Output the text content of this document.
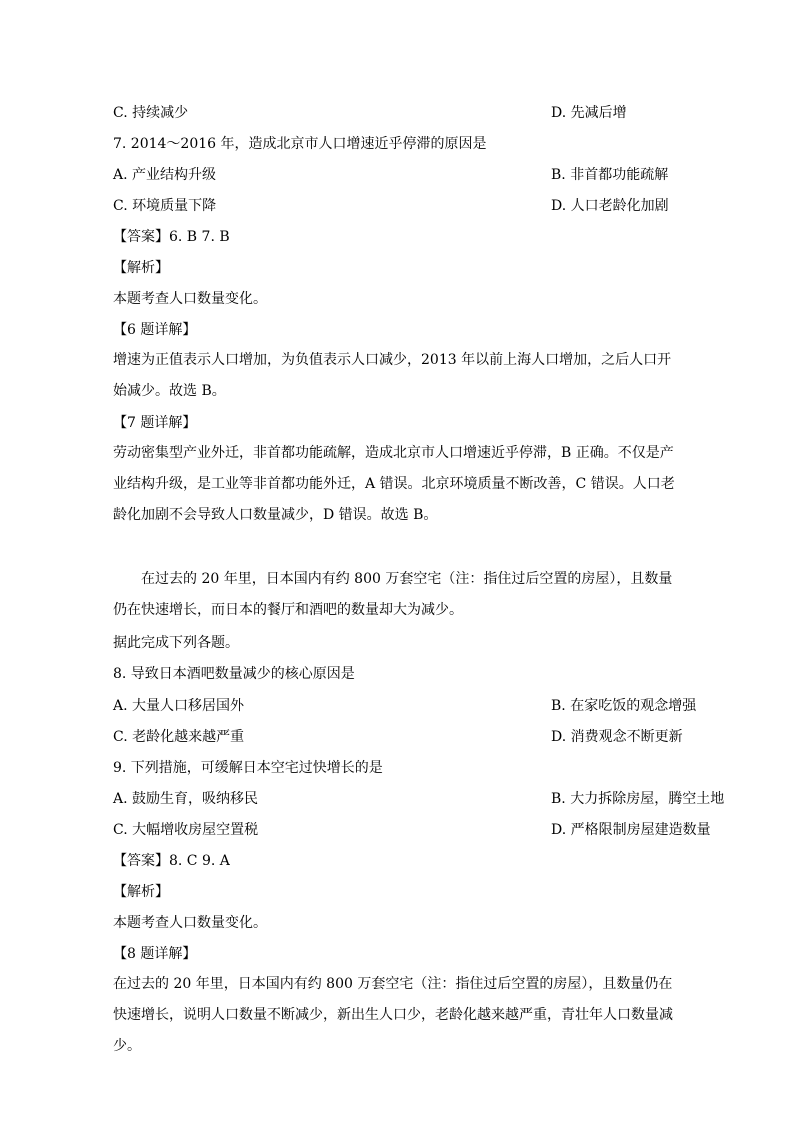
C. 持续减少	D. 先减后增
7. 2014～2016 年，造成北京市人口增速近乎停滞的原因是
A. 产业结构升级	B. 非首都功能疏解
C. 环境质量下降	D. 人口老龄化加剧
【答案】6. B 7. B
【解析】
本题考查人口数量变化。
【6 题详解】
增速为正值表示人口增加，为负值表示人口减少，2013 年以前上海人口增加，之后人口开始减少。故选 B。
【7 题详解】
劳动密集型产业外迁，非首都功能疏解，造成北京市人口增速近乎停滞，B 正确。不仅是产业结构升级，是工业等非首都功能外迁，A 错误。北京环境质量不断改善，C 错误。人口老龄化加剧不会导致人口数量减少，D 错误。故选 B。
在过去的 20 年里，日本国内有约 800 万套空宅（注：指住过后空置的房屋），且数量仍在快速增长，而日本的餐厅和酒吧的数量却大为减少。
据此完成下列各题。
8. 导致日本酒吧数量减少的核心原因是
A. 大量人口移居国外	B. 在家吃饭的观念增强
C. 老龄化越来越严重	D. 消费观念不断更新
9. 下列措施，可缓解日本空宅过快增长的是
A. 鼓励生育，吸纳移民	B. 大力拆除房屋，腾空土地
C. 大幅增收房屋空置税	D. 严格限制房屋建造数量
【答案】8. C 9. A
【解析】
本题考查人口数量变化。
【8 题详解】
在过去的 20 年里，日本国内有约 800 万套空宅（注：指住过后空置的房屋），且数量仍在快速增长，说明人口数量不断减少，新出生人口少，老龄化越来越严重，青壮年人口数量减少。
